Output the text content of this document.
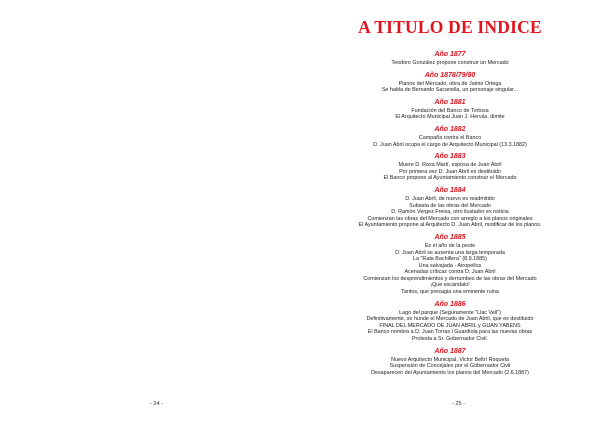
A TITULO DE INDICE
Año 1877
Teodoro González propone construir un Mercado
Año 1878/79/80
Planos del Mercado, obra de Jaime Ortega
Se habla de Bernardo Sacanella, un personaje singular...
Año 1881
Fundación del Banco de Tortosa
El Arquitecto Municipal Juan J. Hervás, dimite
Año 1882
Campaña contra el Banco
D. Juan Abril ocupa el cargo de Arquitecto Municipal (13.3.1882)
Año 1883
Muere D. Rosa Martí, esposa de Juan Abril
Por primera vez D. Juan Abril es destituido
El Banco propone al Ayuntamiento construir el Mercado
Año 1884
D. Juan Abril, de nuevo es readmitido
Subasta de las obras del Mercado
D. Ramón Vergez Freixa, otro ilustador ex noticia
Comienzan las obras del Mercado con arreglo a los planos originales
El Ayuntamiento propone al Arquitecto D. Juan Abril, modificar de los planos.
Año 1885
Es el año de la peste
D. Juan Abril se ausenta una larga temporada
La "Rata Bachillera" (8.9.1885)
Una salvajada - Atropellos
Acenadas críticas contra D. Juan Abril
Comienzan los desprendimientos y derrumbes de las obras del Mercado
¡Que escándalo!
Tantos, que presagia una eminente ruina
Año 1886
Lago del parque (Seguramente "Llac Vell")
Definitivamente, se hunde el Mercado de Juan Abril, que es destituido
FINAL DEL MERCADO DE JUAN ABRIL y GUAN YABENS
El Banco nombra a D. Juan Torras i Guardiola para las nuevas obras
Protesta a Sr. Gobernador Civil.
Año 1887
Nuevo Arquitecto Municipal, Victor Beltrí Roqueta
Suspensión de Concejales por el Gobernador Civil
Desaparecen del Ayuntamiento los planos del Mercado (2.6.1887)
- 24 -	- 25 -
